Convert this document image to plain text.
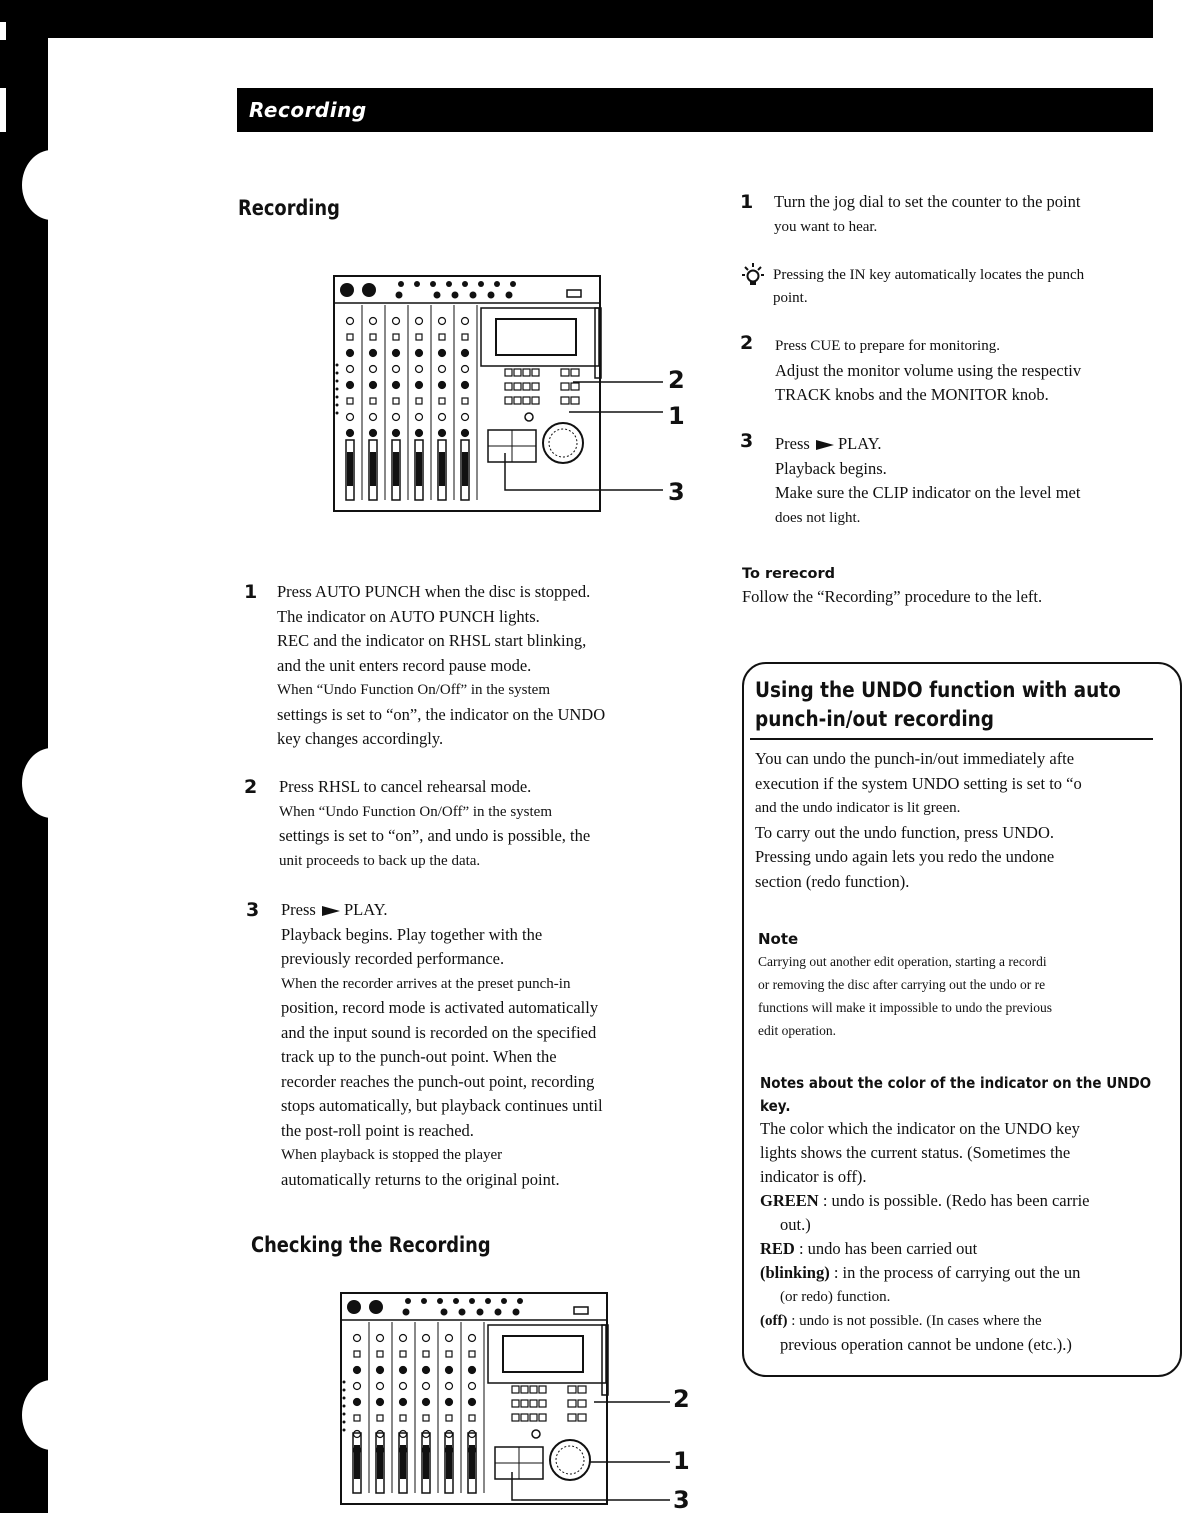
Recording
Recording
2
1
3
1 Press AUTO PUNCH when the disc is stopped.

The indicator on AUTO PUNCH lights.

REC and the indicator on RHSL start blinking,

and the unit enters record pause mode.

When “Undo Function On/Off” in the system

settings is set to “on”, the indicator on the UNDO

key changes accordingly.

2 Press RHSL to cancel rehearsal mode.

When “Undo Function On/Off” in the system

settings is set to “on”, and undo is possible, the

unit proceeds to back up the data.

3 Press PLAY.

Playback begins. Play together with the

previously recorded performance.

When the recorder arrives at the preset punch-in

position, record mode is activated automatically

and the input sound is recorded on the specified

track up to the punch-out point. When the

recorder reaches the punch-out point, recording

stops automatically, but playback continues until

the post-roll point is reached.

When playback is stopped the player

automatically returns to the original point.

Checking the Recording
2
1
3
1 Turn the jog dial to set the counter to the point

you want to hear.

Pressing the IN key automatically locates the punch
point.

Press CUE to prepare for monitoring.

Adjust the monitor volume using the respectiv

TRACK knobs and the MONITOR knob.

2

Press PLAY.

Playback begins.

Make sure the CLIP indicator on the level met

does not light.

3
To rerecord
Follow the “Recording” procedure to the left.
Using the UNDO function with auto
punch-in/out recording

You can undo the punch-in/out immediately afte

execution if the system UNDO setting is set to “o

and the undo indicator is lit green.

To carry out the undo function, press UNDO.

Pressing undo again lets you redo the undone

section (redo function).

Note

Carrying out another edit operation, starting a recordi

or removing the disc after carrying out the undo or re

functions will make it impossible to undo the previous

edit operation.

Notes about the color of the indicator on the UNDO
key.

The color which the indicator on the UNDO key

lights shows the current status. (Sometimes the

indicator is off).

GREEN : undo is possible. (Redo has been carrie

out.)

RED : undo has been carried out

(blinking) : in the process of carrying out the un

(or redo) function.

(off) : undo is not possible. (In cases where the

previous operation cannot be undone (etc.).)
